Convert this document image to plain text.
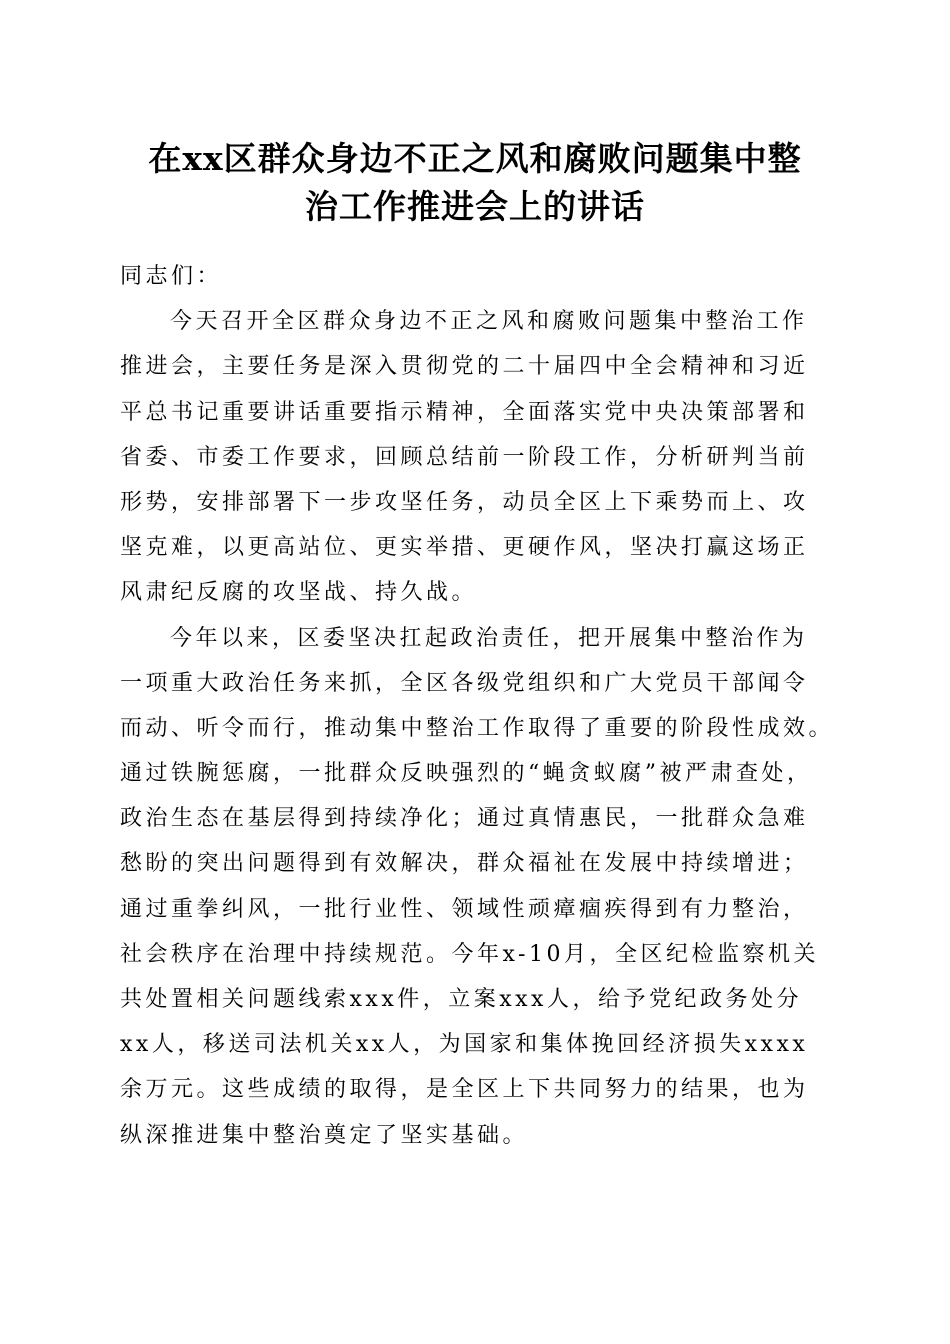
在xx区群众身边不正之风和腐败问题集中整
治工作推进会上的讲话
同志们：
今天召开全区群众身边不正之风和腐败问题集中整治工作
推进会，主要任务是深入贯彻党的二十届四中全会精神和习近
平总书记重要讲话重要指示精神，全面落实党中央决策部署和
省委、市委工作要求，回顾总结前一阶段工作，分析研判当前
形势，安排部署下一步攻坚任务，动员全区上下乘势而上、攻
坚克难，以更高站位、更实举措、更硬作风，坚决打赢这场正
风肃纪反腐的攻坚战、持久战。
今年以来，区委坚决扛起政治责任，把开展集中整治作为
一项重大政治任务来抓，全区各级党组织和广大党员干部闻令
而动、听令而行，推动集中整治工作取得了重要的阶段性成效。
通过铁腕惩腐，一批群众反映强烈的“蝇贪蚁腐”被严肃查处，
政治生态在基层得到持续净化；通过真情惠民，一批群众急难
愁盼的突出问题得到有效解决，群众福祉在发展中持续增进；
通过重拳纠风，一批行业性、领域性顽瘴痼疾得到有力整治，
社会秩序在治理中持续规范。今年x-10月，全区纪检监察机关
共处置相关问题线索xxx件，立案xxx人，给予党纪政务处分
xx人，移送司法机关xx人，为国家和集体挽回经济损失xxxx
余万元。这些成绩的取得，是全区上下共同努力的结果，也为
纵深推进集中整治奠定了坚实基础。
